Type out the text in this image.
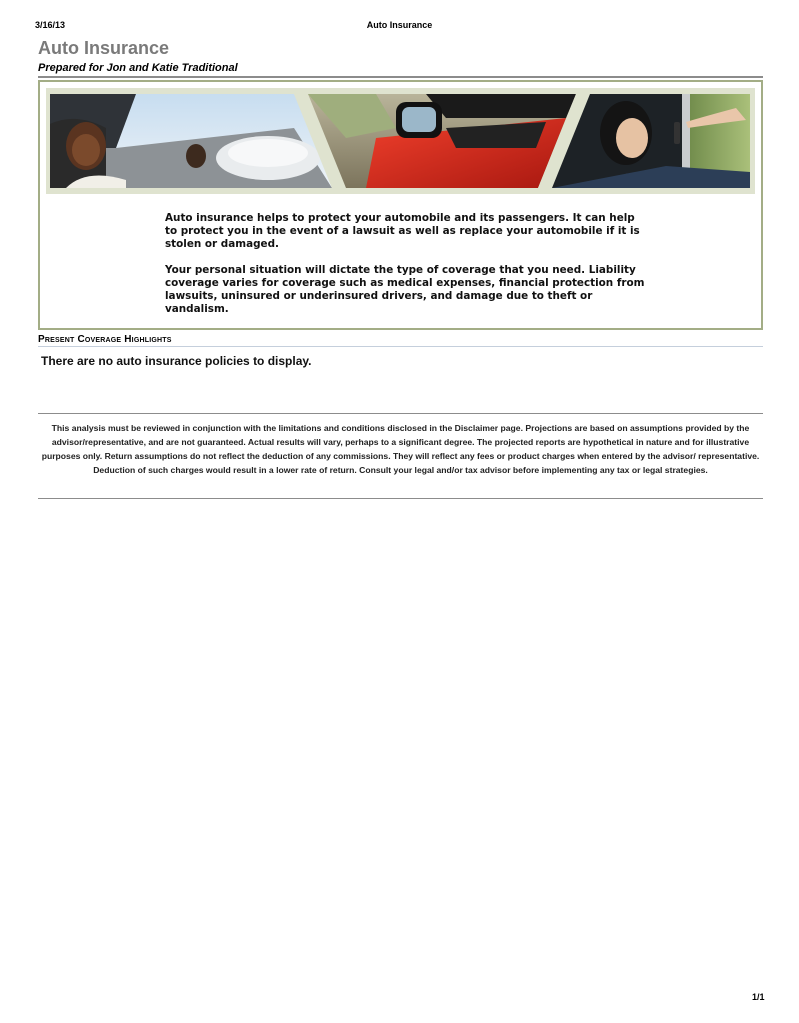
3/16/13	Auto Insurance
Auto Insurance
Prepared for Jon and Katie Traditional

Auto insurance helps to protect your automobile and its passengers. It can help to protect you in the event of a lawsuit as well as replace your automobile if it is stolen or damaged.

Your personal situation will dictate the type of coverage that you need. Liability coverage varies for coverage such as medical expenses, financial protection from lawsuits, uninsured or underinsured drivers, and damage due to theft or vandalism.

Present Coverage Highlights
There are no auto insurance policies to display.

This analysis must be reviewed in conjunction with the limitations and conditions disclosed in the Disclaimer page. Projections are based on assumptions provided by the advisor/representative, and are not guaranteed. Actual results will vary, perhaps to a significant degree. The projected reports are hypothetical in nature and for illustrative purposes only. Return assumptions do not reflect the deduction of any commissions. They will reflect any fees or product charges when entered by the advisor/ representative. Deduction of such charges would result in a lower rate of return. Consult your legal and/or tax advisor before implementing any tax or legal strategies.

1/1
